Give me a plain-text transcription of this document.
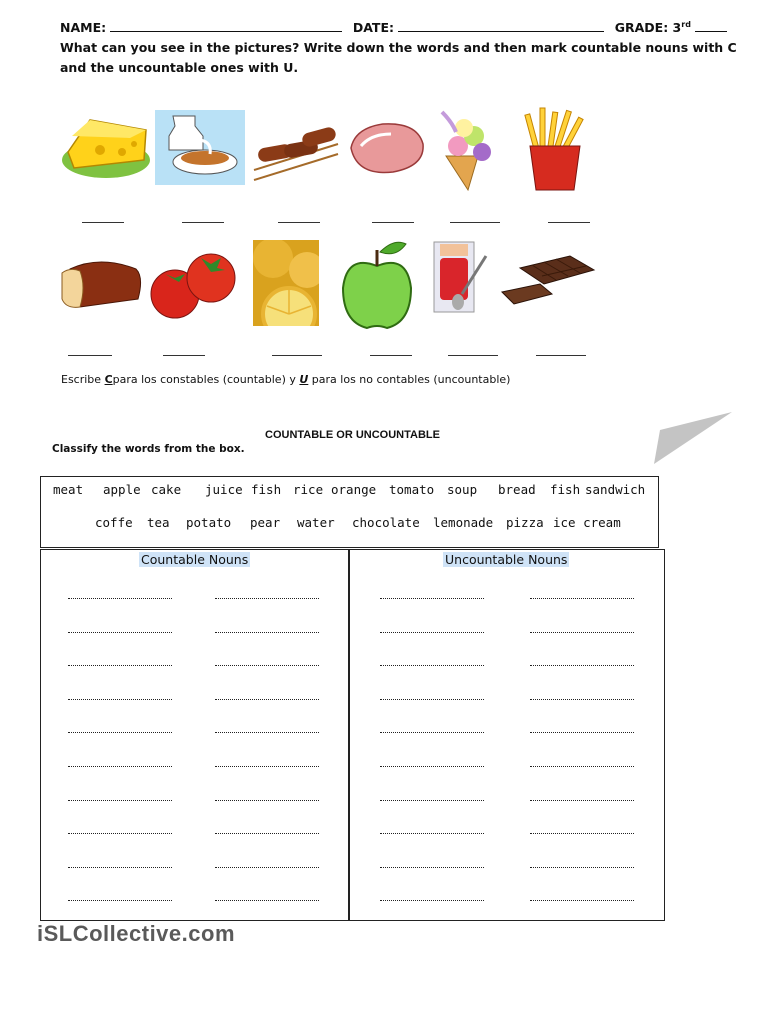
NAME:	DATE:	GRADE: 3rd
What can you see in the pictures? Write down the words and then mark countable nouns with C
and the uncountable ones with U.
Escribe Cpara los constables (countable) y U para los no contables (uncountable)
COUNTABLE OR UNCOUNTABLE
Classify the words from the box.
meat apple cake juice fish rice orange tomato soup bread fish sandwich
coffe tea potato pear water chocolate lemonade pizza ice cream
Countable Nouns	Uncountable Nouns
iSLCollective.com
